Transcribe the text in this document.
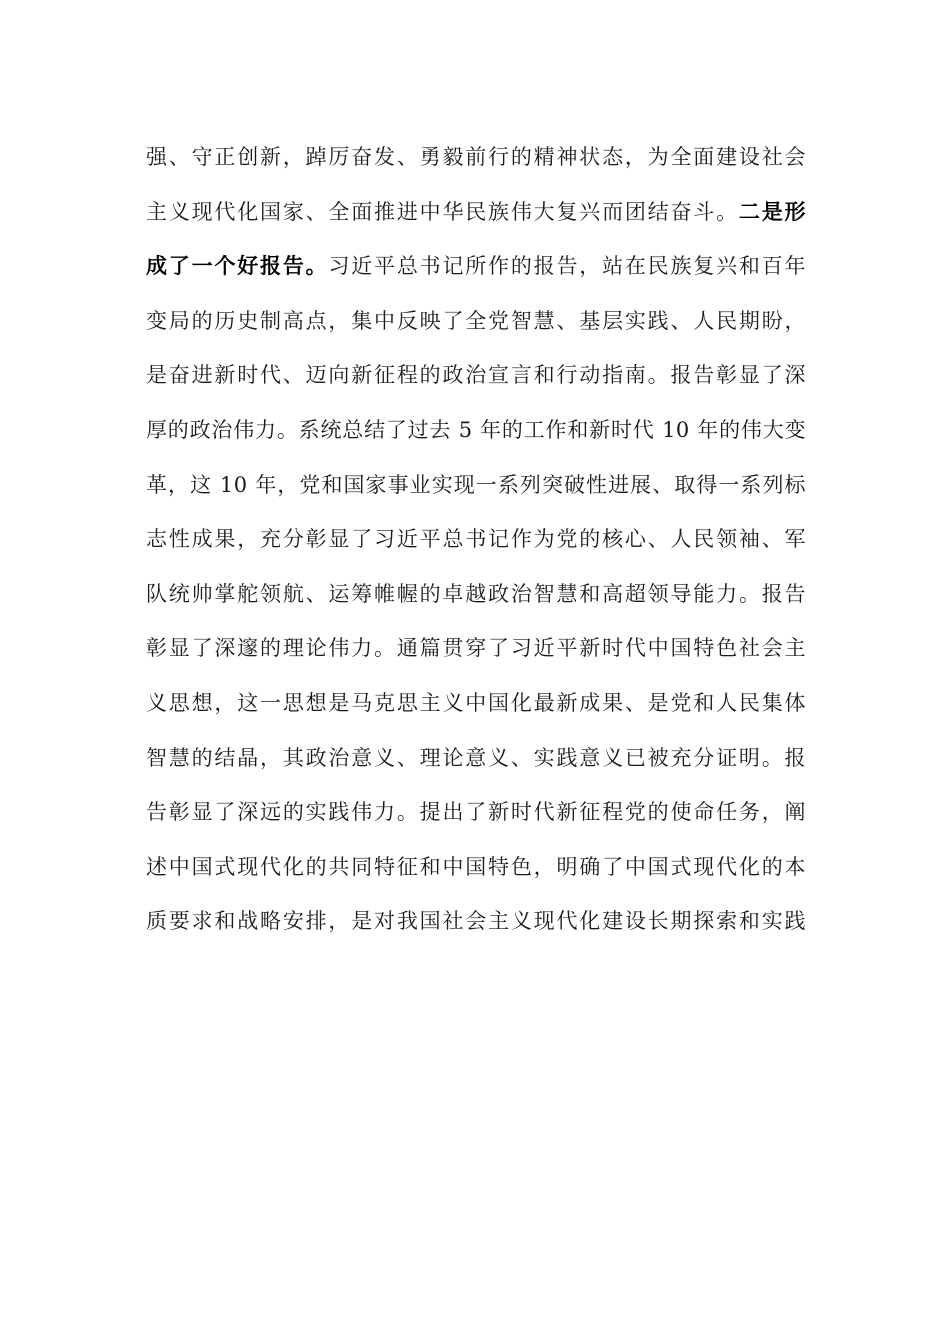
强、守正创新，踔厉奋发、勇毅前行的精神状态，为全面建设社会
主义现代化国家、全面推进中华民族伟大复兴而团结奋斗。二是形
成了一个好报告。习近平总书记所作的报告，站在民族复兴和百年
变局的历史制高点，集中反映了全党智慧、基层实践、人民期盼，
是奋进新时代、迈向新征程的政治宣言和行动指南。报告彰显了深
厚的政治伟力。系统总结了过去 5 年的工作和新时代 10 年的伟大变
革，这 10 年，党和国家事业实现一系列突破性进展、取得一系列标
志性成果，充分彰显了习近平总书记作为党的核心、人民领袖、军
队统帅掌舵领航、运筹帷幄的卓越政治智慧和高超领导能力。报告
彰显了深邃的理论伟力。通篇贯穿了习近平新时代中国特色社会主
义思想，这一思想是马克思主义中国化最新成果、是党和人民集体
智慧的结晶，其政治意义、理论意义、实践意义已被充分证明。报
告彰显了深远的实践伟力。提出了新时代新征程党的使命任务，阐
述中国式现代化的共同特征和中国特色，明确了中国式现代化的本
质要求和战略安排，是对我国社会主义现代化建设长期探索和实践
